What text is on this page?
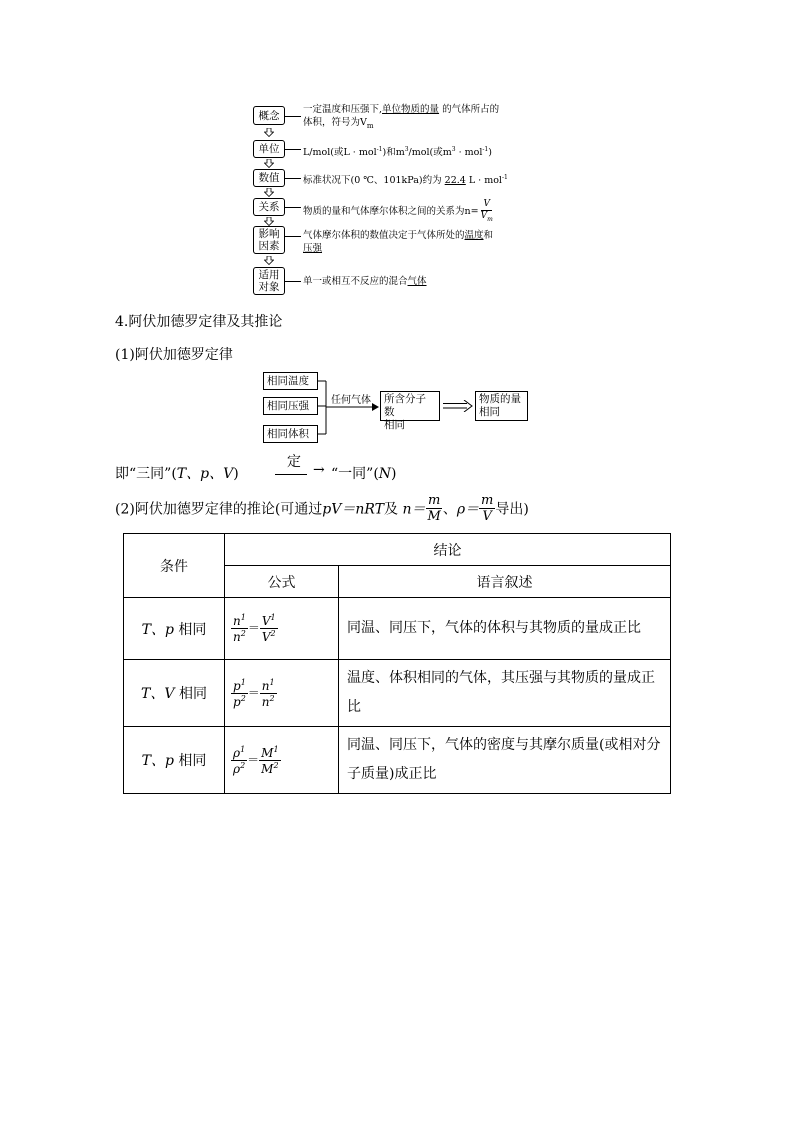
概念
单位
数值
关系
影响
因素
适用
对象
一定温度和压强下,单位物质的量 的气体所占的
体积，符号为$V_m$
L/mol(或L · mol$^{-1}$)和$m^3/mol$(或$m^3 \cdot mol^{-1}$)
标准状况下(0 ℃、101kPa)约为 22.4 L · mol$^{-1}$
物质的量和气体摩尔体积之间的关系为$n= \frac{V}{V_m}$
气体摩尔体积的数值决定于气体所处的温度和
压强
单一或相互不反应的混合气体
4.阿伏加德罗定律及其推论
(1)阿伏加德罗定律
相同温度
相同压强
相同体积
任何气体 所含分子数
相同
物质的量
相同
即“三同”(T、p、V)
定 → “一同”(N)
(2)阿伏加德罗定律的推论(可通过pV＝nRT及 $n= \frac{m}{M}$ 、$\rho= \frac{m}{V}$ 导出)
条件	结论	
	公式	语言叙述
T、p 相同	$\frac{n^1}{n^2} = \frac{V^1}{V^2}$	同温、同压下，气体的体积与其物质的量成正比
T、V 相同	$\frac{p^1}{p^2} = \frac{n^1}{n^2}$	温度、体积相同的气体，其压强与其物质的量成正比
T、p 相同	$\frac{\rho^1}{\rho^2} = \frac{M^1}{M^2}$	同温、同压下，气体的密度与其摩尔质量(或相对分子质量)成正比
